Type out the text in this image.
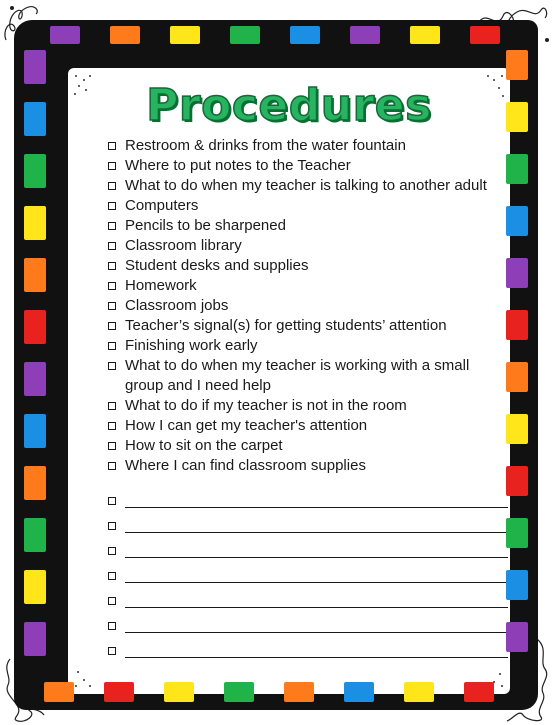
Procedures
Restroom & drinks from the water fountain
Where to put notes to the Teacher
What to do when my teacher is talking to another adult
Computers
Pencils to be sharpened
Classroom library
Student desks and supplies
Homework
Classroom jobs
Teacher’s signal(s) for getting students’ attention
Finishing work early
What to do when my teacher is working with a small group and I need help
What to do if my teacher is not in the room
How I can get my teacher's attention
How to sit on the carpet
Where I can find classroom supplies
